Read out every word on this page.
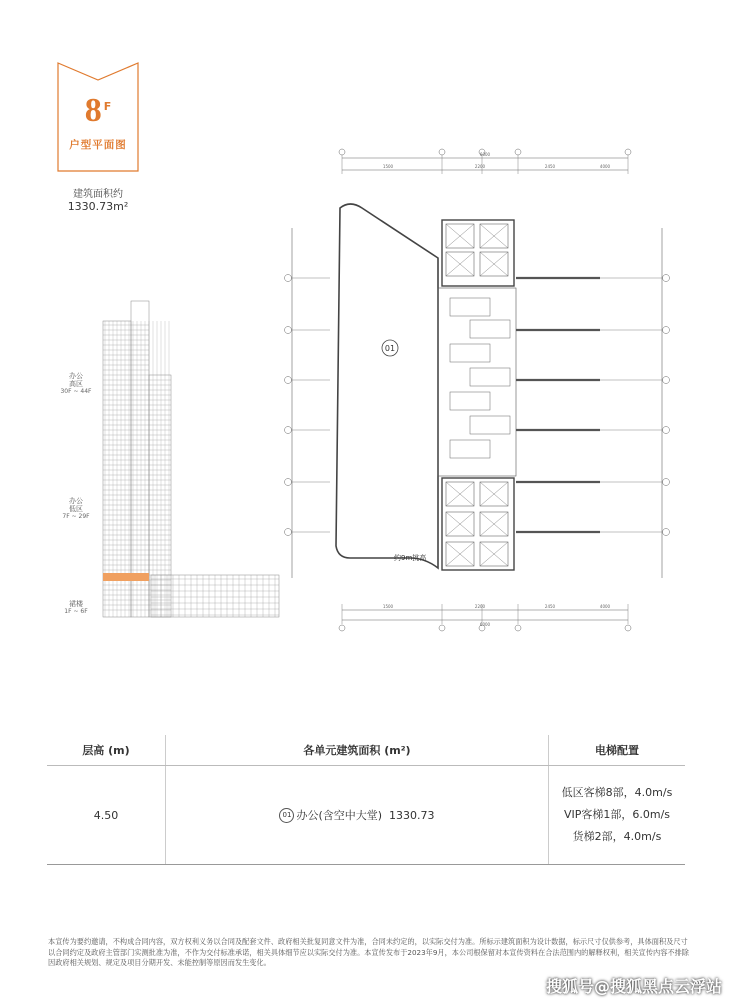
8 $^F$
户型平面图
建筑面积约
1330.73m²
办公
高区
30F ~ 44F
办公
低区
7F ~ 29F
裙楼
1F ~ 6F
01
约9m挑高
6000
1500	2200	2450	4000
1500	2200	2450	4000
6000
层高 (m)	各单元建筑面积 (m²)	电梯配置
4.50	01 办公(含空中大堂)  1330.73	低区客梯8部，4.0m/s
VIP客梯1部，6.0m/s
货梯2部，4.0m/s
本宣传为要约邀请，不构成合同内容，双方权利义务以合同及配套文件、政府相关批复同意文件为准，合同未约定的，以实际交付为准。所标示建筑面积为设计数据，标示尺寸仅供参考，具体面积及尺寸以合同约定及政府主管部门实测批准为准，不作为交付标准承诺，相关具体细节应以实际交付为准。本宣传发布于2023年9月，本公司根保留对本宣传资料在合法范围内的解释权利，相关宣传内容不排除因政府相关规划、规定及项目分期开发、未能控制等原因而发生变化。
搜狐号@搜狐黑点云浮站
